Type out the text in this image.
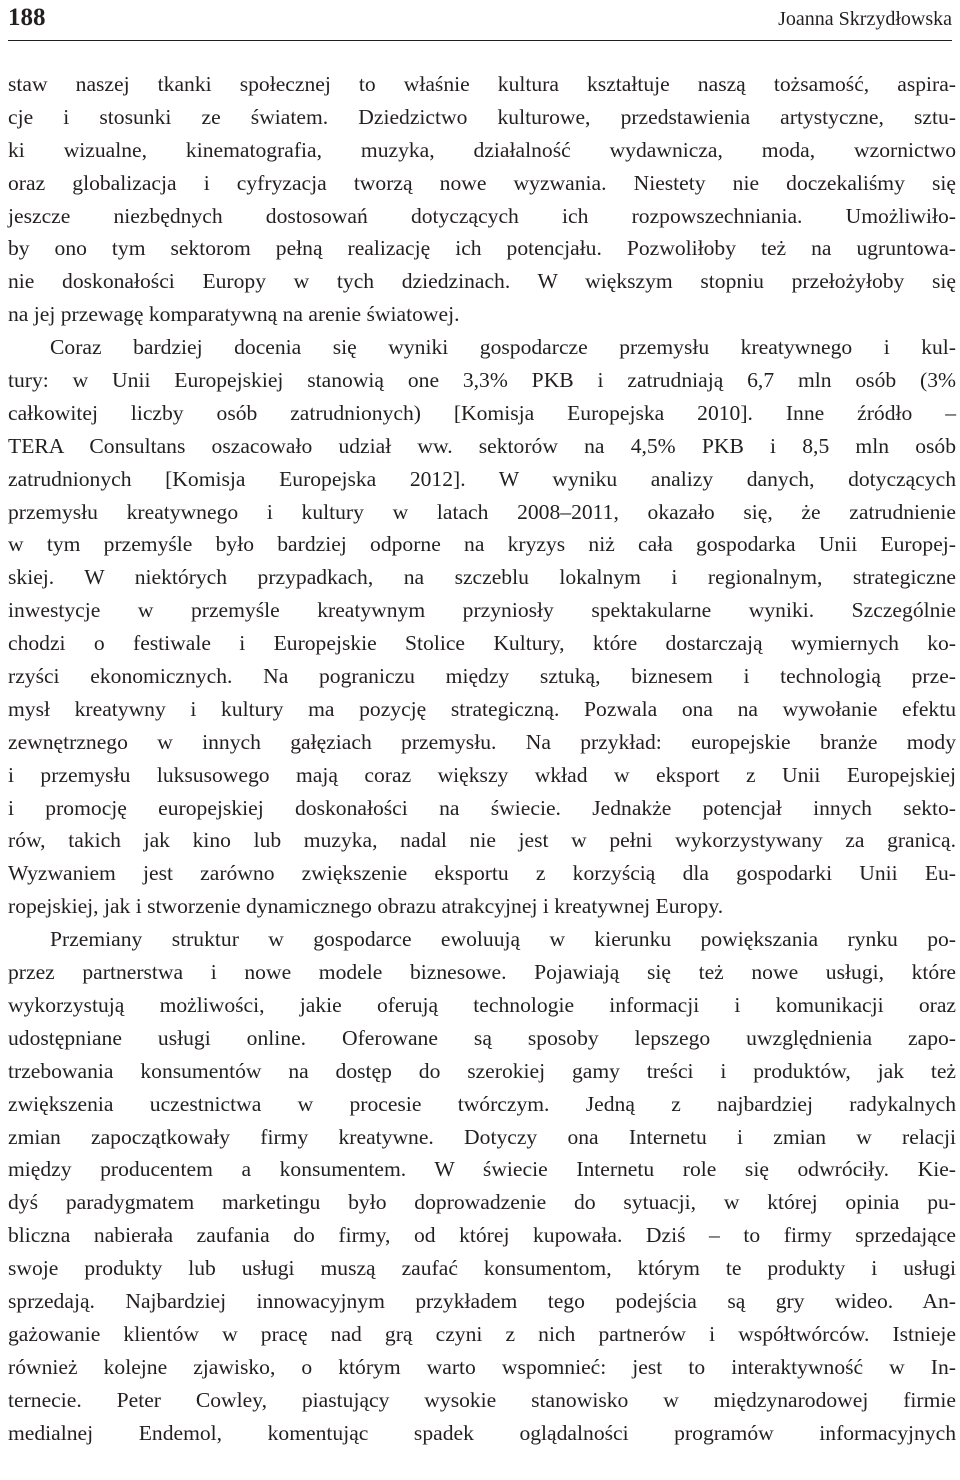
188	Joanna Skrzydłowska
staw naszej tkanki społecznej to właśnie kultura kształtuje naszą tożsamość, aspira-
cje i stosunki ze światem. Dziedzictwo kulturowe, przedstawienia artystyczne, sztu-
ki wizualne, kinematografia, muzyka, działalność wydawnicza, moda, wzornictwo
oraz globalizacja i cyfryzacja tworzą nowe wyzwania. Niestety nie doczekaliśmy się
jeszcze niezbędnych dostosowań dotyczących ich rozpowszechniania. Umożliwiło-
by ono tym sektorom pełną realizację ich potencjału. Pozwoliłoby też na ugruntowa-
nie doskonałości Europy w tych dziedzinach. W większym stopniu przełożyłoby się
na jej przewagę komparatywną na arenie światowej.
Coraz bardziej docenia się wyniki gospodarcze przemysłu kreatywnego i kul-
tury: w Unii Europejskiej stanowią one 3,3% PKB i zatrudniają 6,7 mln osób (3%
całkowitej liczby osób zatrudnionych) [Komisja Europejska 2010]. Inne źródło –
TERA Consultans oszacowało udział ww. sektorów na 4,5% PKB i 8,5 mln osób
zatrudnionych [Komisja Europejska 2012]. W wyniku analizy danych, dotyczących
przemysłu kreatywnego i kultury w latach 2008–2011, okazało się, że zatrudnienie
w tym przemyśle było bardziej odporne na kryzys niż cała gospodarka Unii Europej-
skiej. W niektórych przypadkach, na szczeblu lokalnym i regionalnym, strategiczne
inwestycje w przemyśle kreatywnym przyniosły spektakularne wyniki. Szczególnie
chodzi o festiwale i Europejskie Stolice Kultury, które dostarczają wymiernych ko-
rzyści ekonomicznych. Na pograniczu między sztuką, biznesem i technologią prze-
mysł kreatywny i kultury ma pozycję strategiczną. Pozwala ona na wywołanie efektu
zewnętrznego w innych gałęziach przemysłu. Na przykład: europejskie branże mody
i przemysłu luksusowego mają coraz większy wkład w eksport z Unii Europejskiej
i promocję europejskiej doskonałości na świecie. Jednakże potencjał innych sekto-
rów, takich jak kino lub muzyka, nadal nie jest w pełni wykorzystywany za granicą.
Wyzwaniem jest zarówno zwiększenie eksportu z korzyścią dla gospodarki Unii Eu-
ropejskiej, jak i stworzenie dynamicznego obrazu atrakcyjnej i kreatywnej Europy.
Przemiany struktur w gospodarce ewoluują w kierunku powiększania rynku po-
przez partnerstwa i nowe modele biznesowe. Pojawiają się też nowe usługi, które
wykorzystują możliwości, jakie oferują technologie informacji i komunikacji oraz
udostępniane usługi online. Oferowane są sposoby lepszego uwzględnienia zapo-
trzebowania konsumentów na dostęp do szerokiej gamy treści i produktów, jak też
zwiększenia uczestnictwa w procesie twórczym. Jedną z najbardziej radykalnych
zmian zapoczątkowały firmy kreatywne. Dotyczy ona Internetu i zmian w relacji
między producentem a konsumentem. W świecie Internetu role się odwróciły. Kie-
dyś paradygmatem marketingu było doprowadzenie do sytuacji, w której opinia pu-
bliczna nabierała zaufania do firmy, od której kupowała. Dziś – to firmy sprzedające
swoje produkty lub usługi muszą zaufać konsumentom, którym te produkty i usługi
sprzedają. Najbardziej innowacyjnym przykładem tego podejścia są gry wideo. An-
gażowanie klientów w pracę nad grą czyni z nich partnerów i współtwórców. Istnieje
również kolejne zjawisko, o którym warto wspomnieć: jest to interaktywność w In-
ternecie. Peter Cowley, piastujący wysokie stanowisko w międzynarodowej firmie
medialnej Endemol, komentując spadek oglądalności programów informacyjnych
